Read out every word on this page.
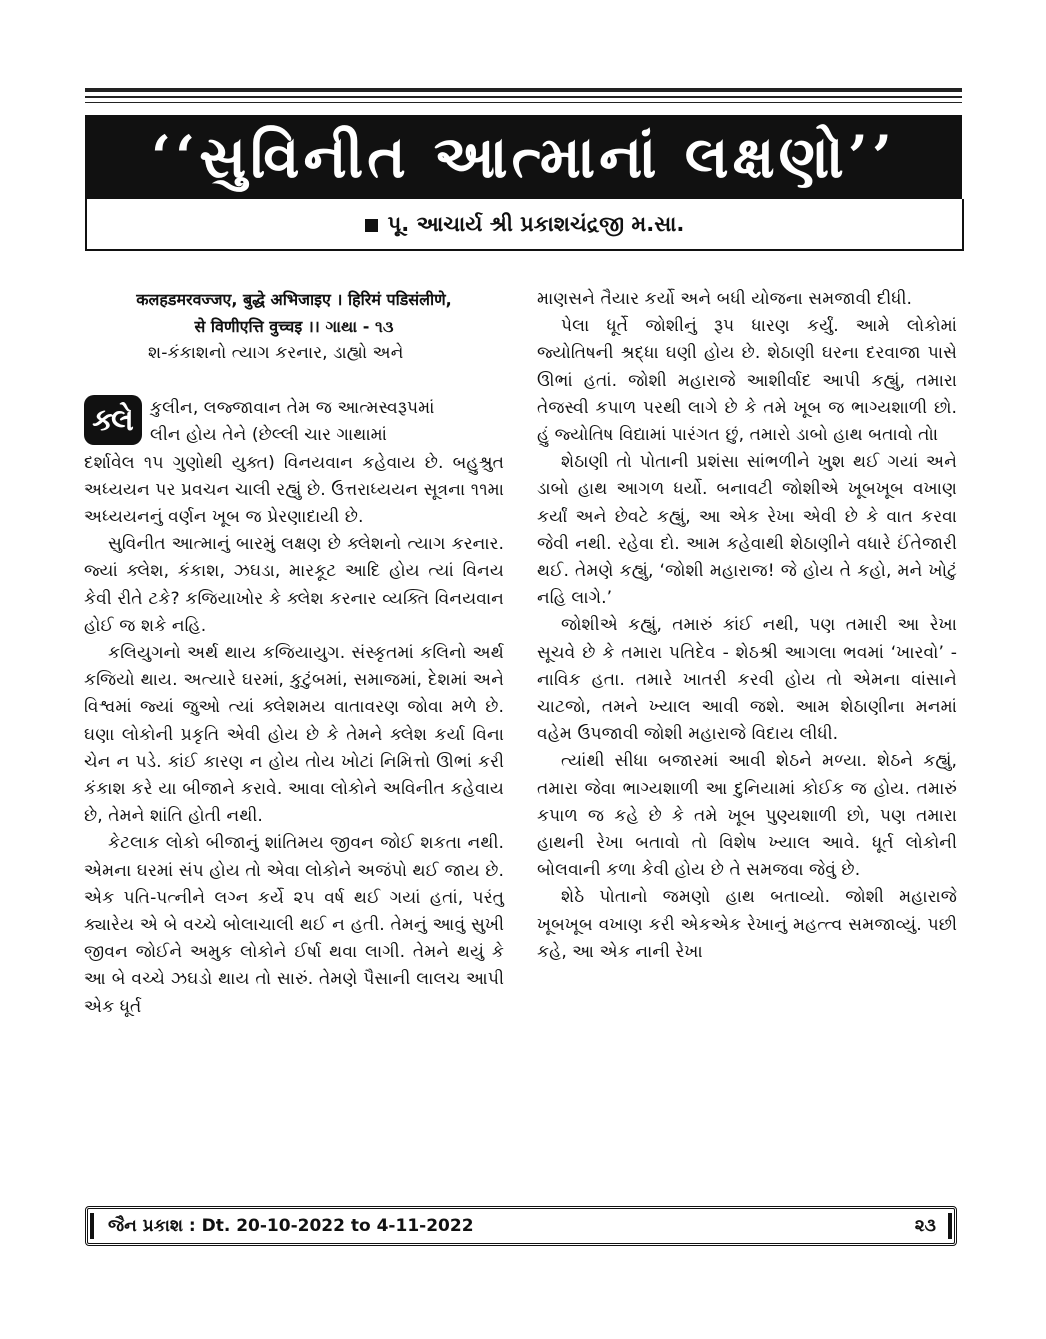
‘‘સુવિનીત આત્માનાં લક્ષણો’’
પૂ. આચાર્ય શ્રી પ્રકાશચંદ્રજી મ.સા.
कलहडमरवज्जए, बुद्धे अभिजाइए । हिरिमं पडिसंलीणे,
से विणीएत्ति वुच्चइ ।। ગાથા - ૧૩
શ-કંકાશનો ત્યાગ કરનાર, ડાહ્યો અને
ક્લે કુલીન, લજ્જાવાન તેમ જ આત્મસ્વરૂપમાં
લીન હોય તેને (છેલ્લી ચાર ગાથામાં

દર્શાવેલ ૧૫ ગુણોથી યુક્ત) વિનયવાન કહેવાય છે. બહુશ્રુત અધ્યયન પર પ્રવચન ચાલી રહ્યું છે. ઉત્તરાધ્યયન સૂત્રના ૧૧મા અધ્યયનનું વર્ણન ખૂબ જ પ્રેરણાદાયી છે.

સુવિનીત આત્માનું બારમું લક્ષણ છે ક્લેશનો ત્યાગ કરનાર. જ્યાં ક્લેશ, કંકાશ, ઝઘડા, મારકૂટ આદિ હોય ત્યાં વિનય કેવી રીતે ટકે? કજિયાખોર કે ક્લેશ કરનાર વ્યક્તિ વિનયવાન હોઈ જ શકે નહિ.

કલિયુગનો અર્થ થાય કજિયાયુગ. સંસ્કૃતમાં કલિનો અર્થ કજિયો થાય. અત્યારે ઘરમાં, કુટુંબમાં, સમાજમાં, દેશમાં અને વિશ્વમાં જ્યાં જુઓ ત્યાં ક્લેશમય વાતાવરણ જોવા મળે છે. ઘણા લોકોની પ્રકૃતિ એવી હોય છે કે તેમને ક્લેશ કર્યા વિના ચેન ન પડે. કાંઈ કારણ ન હોય તોય ખોટાં નિમિત્તો ઊભાં કરી કંકાશ કરે યા બીજાને કરાવે. આવા લોકોને અવિનીત કહેવાય છે, તેમને શાંતિ હોતી નથી.

કેટલાક લોકો બીજાનું શાંતિમય જીવન જોઈ શકતા નથી. એમના ઘરમાં સંપ હોય તો એવા લોકોને અજંપો થઈ જાય છે. એક પતિ-પત્નીને લગ્ન કર્યે ૨૫ વર્ષ થઈ ગયાં હતાં, પરંતુ ક્યારેય એ બે વચ્ચે બોલાચાલી થઈ ન હતી. તેમનું આવું સુખી જીવન જોઈને અમુક લોકોને ઈર્ષા થવા લાગી. તેમને થયું કે આ બે વચ્ચે ઝઘડો થાય તો સારું. તેમણે પૈસાની લાલચ આપી એક ધૂર્ત

માણસને તૈયાર કર્યો અને બધી યોજના સમજાવી દીધી.

પેલા ધૂર્તે જોશીનું રૂપ ધારણ કર્યું. આમે લોકોમાં જ્યોતિષની શ્રદ્ધા ઘણી હોય છે. શેઠાણી ઘરના દરવાજા પાસે ઊભાં હતાં. જોશી મહારાજે આશીર્વાદ આપી કહ્યું, તમારા તેજસ્વી કપાળ પરથી લાગે છે કે તમે ખૂબ જ ભાગ્યશાળી છો. હું જ્યોતિષ વિદ્યામાં પારંગત છું, તમારો ડાબો હાથ બતાવો તો।

શેઠાણી તો પોતાની પ્રશંસા સાંભળીને ખુશ થઈ ગયાં અને ડાબો હાથ આગળ ધર્યો. બનાવટી જોશીએ ખૂબખૂબ વખાણ કર્યાં અને છેવટે કહ્યું, આ એક રેખા એવી છે કે વાત કરવા જેવી નથી. રહેવા દો. આમ કહેવાથી શેઠાણીને વધારે ઈંતેજારી થઈ. તેમણે કહ્યું, ‘જોશી મહારાજ! જે હોય તે કહો, મને ખોટું નહિ લાગે.’

જોશીએ કહ્યું, તમારું કાંઈ નથી, પણ તમારી આ રેખા સૂચવે છે કે તમારા પતિદેવ - શેઠશ્રી આગલા ભવમાં ‘ખારવો’ - નાવિક હતા. તમારે ખાતરી કરવી હોય તો એમના વાંસાને ચાટજો, તમને ખ્યાલ આવી જશે. આમ શેઠાણીના મનમાં વહેમ ઉપજાવી જોશી મહારાજે વિદાય લીધી.

ત્યાંથી સીધા બજારમાં આવી શેઠને મળ્યા. શેઠને કહ્યું, તમારા જેવા ભાગ્યશાળી આ દુનિયામાં કોઈક જ હોય. તમારું કપાળ જ કહે છે કે તમે ખૂબ પુણ્યશાળી છો, પણ તમારા હાથની રેખા બતાવો તો વિશેષ ખ્યાલ આવે. ધૂર્ત લોકોની બોલવાની કળા કેવી હોય છે તે સમજવા જેવું છે.

શેઠે પોતાનો જમણો હાથ બતાવ્યો. જોશી મહારાજે ખૂબખૂબ વખાણ કરી એકએક રેખાનું મહત્ત્વ સમજાવ્યું. પછી કહે, આ એક નાની રેખા

જૈન પ્રકાશ : Dt. 20-10-2022 to 4-11-2022	૨૩
